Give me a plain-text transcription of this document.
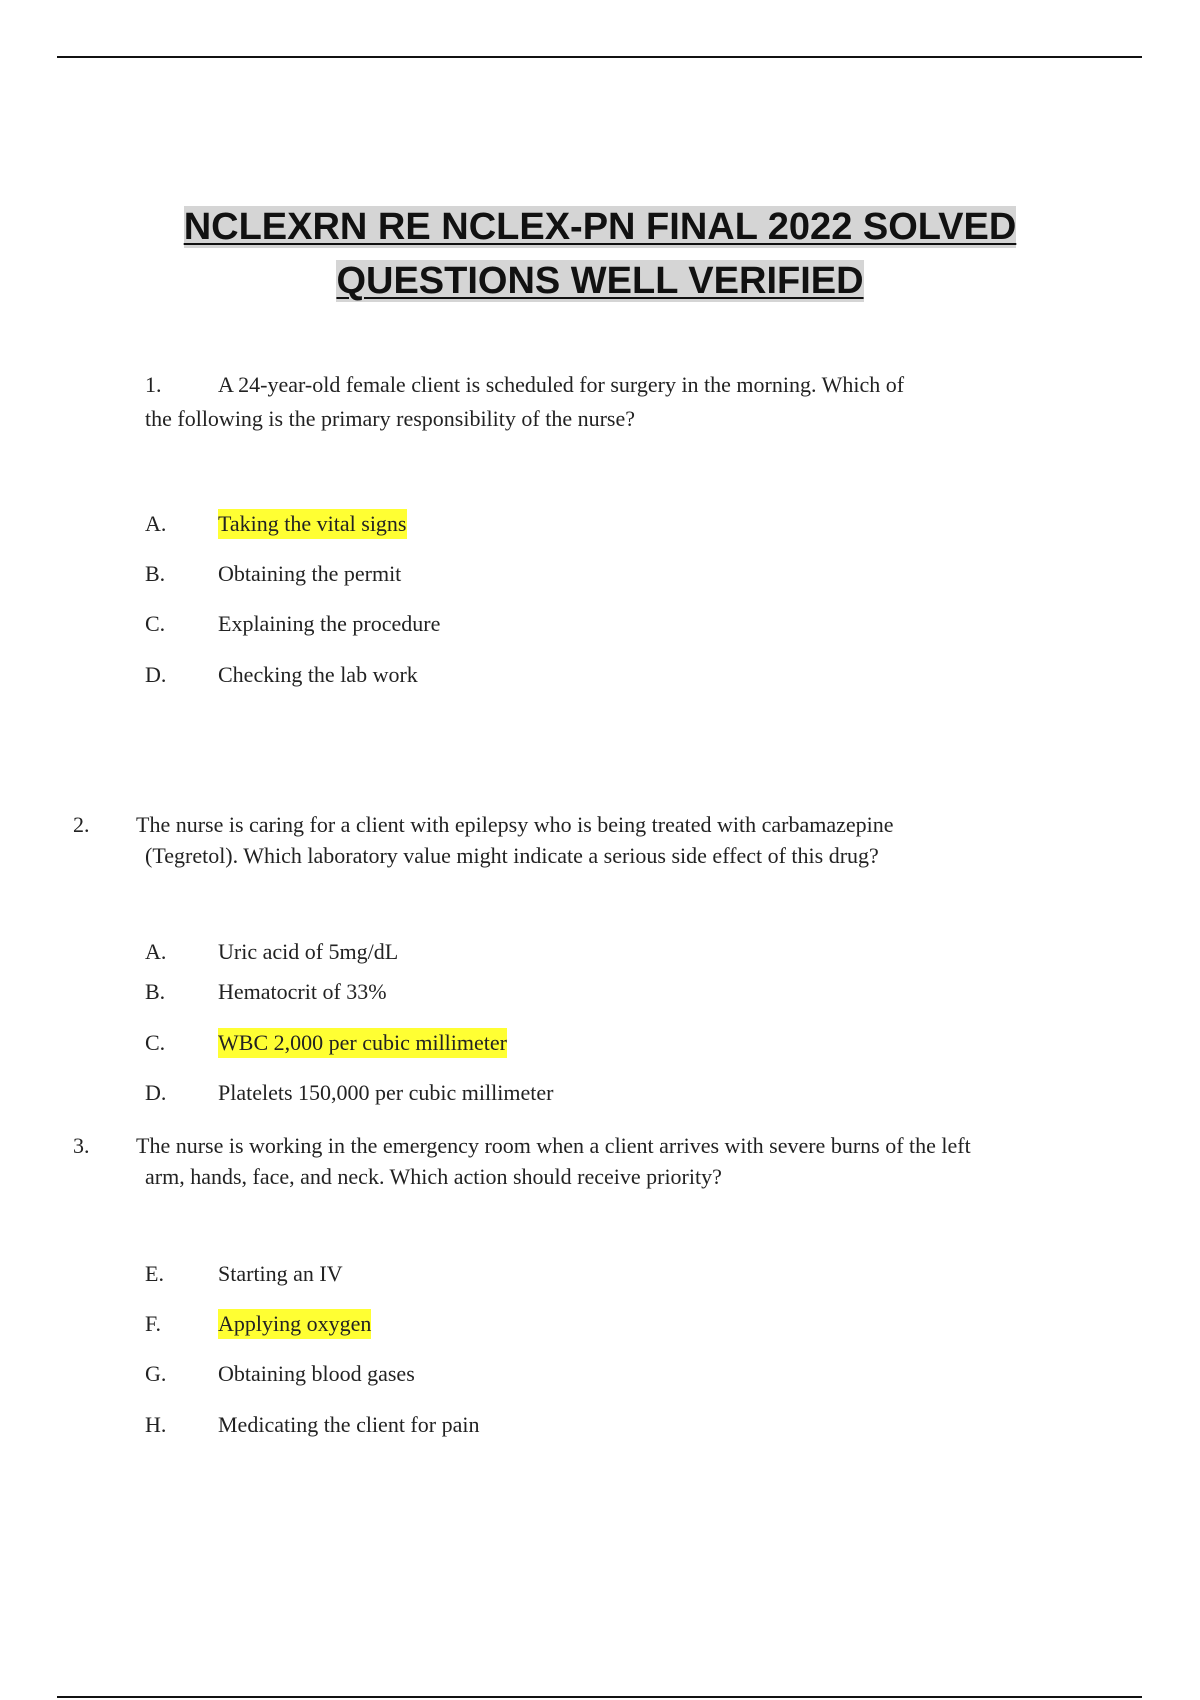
NCLEXRN RE NCLEX-PN FINAL 2022 SOLVED
QUESTIONS WELL VERIFIED
1.	A 24-year-old female client is scheduled for surgery in the morning. Which of
the following is the primary responsibility of the nurse?
A. Taking the vital signs
B. Obtaining the permit
C. Explaining the procedure
D. Checking the lab work
2. The nurse is caring for a client with epilepsy who is being treated with carbamazepine
(Tegretol). Which laboratory value might indicate a serious side effect of this drug?
A. Uric acid of 5mg/dL
B. Hematocrit of 33%
C. WBC 2,000 per cubic millimeter
D. Platelets 150,000 per cubic millimeter
3. The nurse is working in the emergency room when a client arrives with severe burns of the left
arm, hands, face, and neck. Which action should receive priority?
E. Starting an IV
F.	Applying oxygen
G. Obtaining blood gases
H. Medicating the client for pain
